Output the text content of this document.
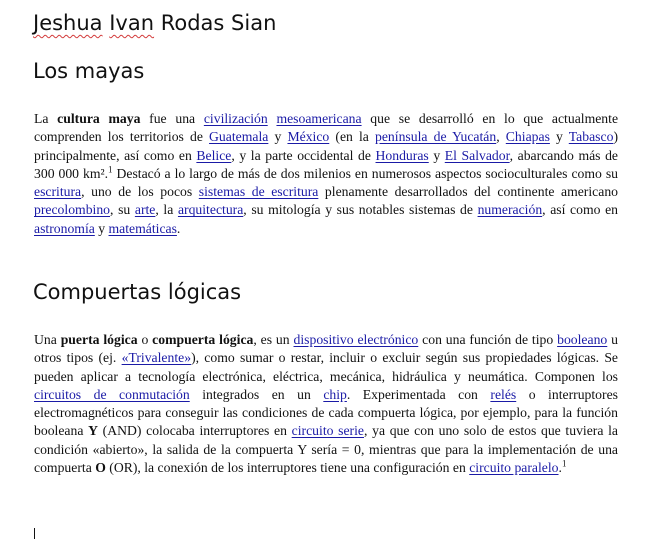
Jeshua Ivan Rodas Sian
Los mayas

La cultura maya fue una civilización mesoamericana que se desarrolló en lo que actualmente comprenden los territorios de Guatemala y México (en la península de Yucatán, Chiapas y Tabasco) principalmente, así como en Belice, y la parte occidental de Honduras y El Salvador, abarcando más de 300 000 km².$^1$ Destacó a lo largo de más de dos milenios en numerosos aspectos socioculturales como su escritura, uno de los pocos sistemas de escritura plenamente desarrollados del continente americano precolombino, su arte, la arquitectura, su mitología y sus notables sistemas de numeración, así como en astronomía y matemáticas.

Compuertas lógicas

Una puerta lógica o compuerta lógica, es un dispositivo electrónico con una función de tipo booleano u otros tipos (ej. «Trivalente»), como sumar o restar, incluir o excluir según sus propiedades lógicas. Se pueden aplicar a tecnología electrónica, eléctrica, mecánica, hidráulica y neumática. Componen los circuitos de conmutación integrados en un chip. Experimentada con relés o interruptores electromagnéticos para conseguir las condiciones de cada compuerta lógica, por ejemplo, para la función booleana Y (AND) colocaba interruptores en circuito serie, ya que con uno solo de estos que tuviera la condición «abierto», la salida de la compuerta Y sería = 0, mientras que para la implementación de una compuerta O (OR), la conexión de los interruptores tiene una configuración en circuito paralelo.$^1$
